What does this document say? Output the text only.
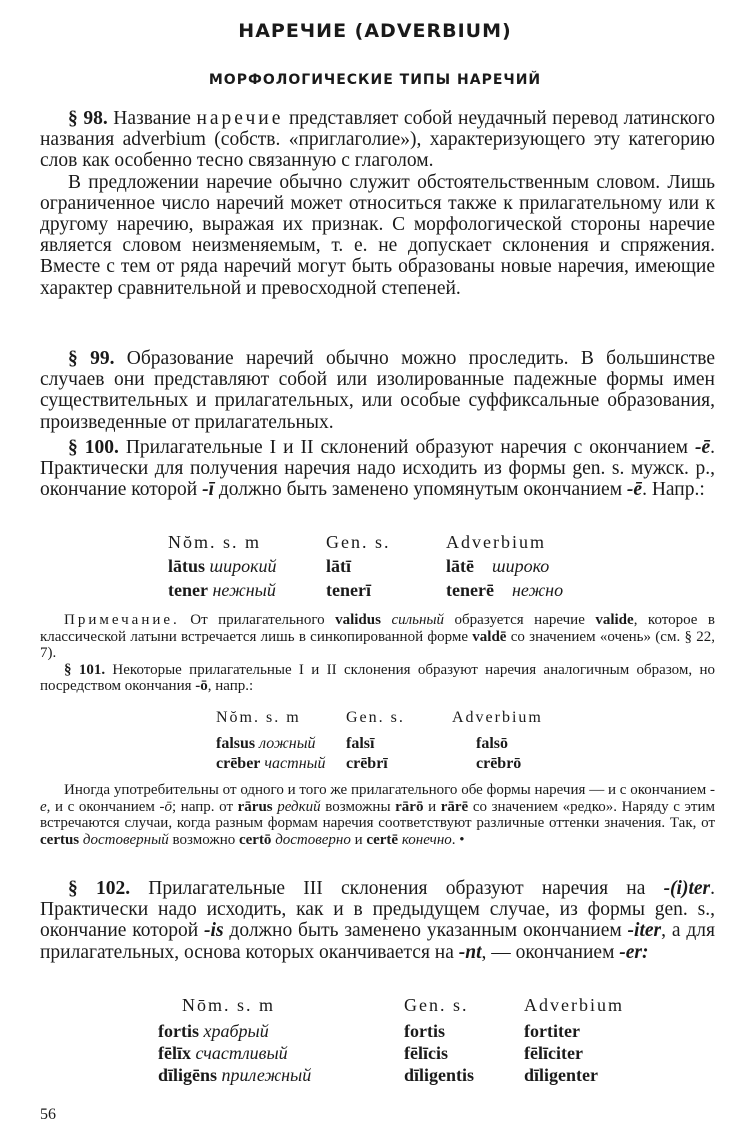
НАРЕЧИЕ (ADVERBIUM)
МОРФОЛОГИЧЕСКИЕ ТИПЫ НАРЕЧИЙ

§ 98. Название наречие представляет собой неудачный перевод латинского названия adverbium (собств. «приглаголие»), характеризующего эту категорию слов как особенно тесно связанную с глаголом.

В предложении наречие обычно служит обстоятельственным словом. Лишь ограниченное число наречий может относиться также к прилагательному или к другому наречию, выражая их признак. С морфологической стороны наречие является словом неизменяемым, т. е. не допускает склонения и спряжения. Вместе с тем от ряда наречий могут быть образованы новые наречия, имеющие характер сравнительной и превосходной степеней.

§ 99. Образование наречий обычно можно проследить. В большинстве случаев они представляют собой или изолированные падежные формы имен существительных и прилагательных, или особые суффиксальные образования, произведенные от прилагательных.

§ 100. Прилагательные I и II склонений образуют наречия с окончанием -ē. Практически для получения наречия надо исходить из формы gen. s. мужск. р., окончание которой -ī должно быть заменено упомянутым окончанием -ē. Напр.:

Nŏm. s. m	Gen. s.	Adverbium
lātus широкий	lātī	lātē широко
tener нежный	tenerī	tenerē нежно

Примечание. От прилагательного validus сильный образуется наречие valide, которое в классической латыни встречается лишь в синкопированной форме valdē со значением «очень» (см. § 22, 7).

§ 101. Некоторые прилагательные I и II склонения образуют наречия аналогичным образом, но посредством окончания -ō, напр.:

Nŏm. s. m	Gen. s.	Adverbium
falsus ложный	falsī	falsō
crēber частный	crēbrī	crēbrō

Иногда употребительны от одного и того же прилагательного обе формы наречия — и с окончанием -e, и с окончанием -ō; напр. от rārus редкий возможны rārō и rārē со значением «редко». Наряду с этим встречаются случаи, когда разным формам наречия соответствуют различные оттенки значения. Так, от certus достоверный возможно certō достоверно и certē конечно. •

§ 102. Прилагательные III склонения образуют наречия на -(i)ter. Практически надо исходить, как и в предыдущем случае, из формы gen. s., окончание которой -is должно быть заменено указанным окончанием -iter, а для прилагательных, основа которых оканчивается на -nt, — окончанием -er:

Nōm. s. m	Gen. s.	Adverbium
fortis храбрый	fortis	fortiter
fēlīx счастливый	fēlīcis	fēlīciter
dīligēns прилежный	dīligentis	dīligenter
56
